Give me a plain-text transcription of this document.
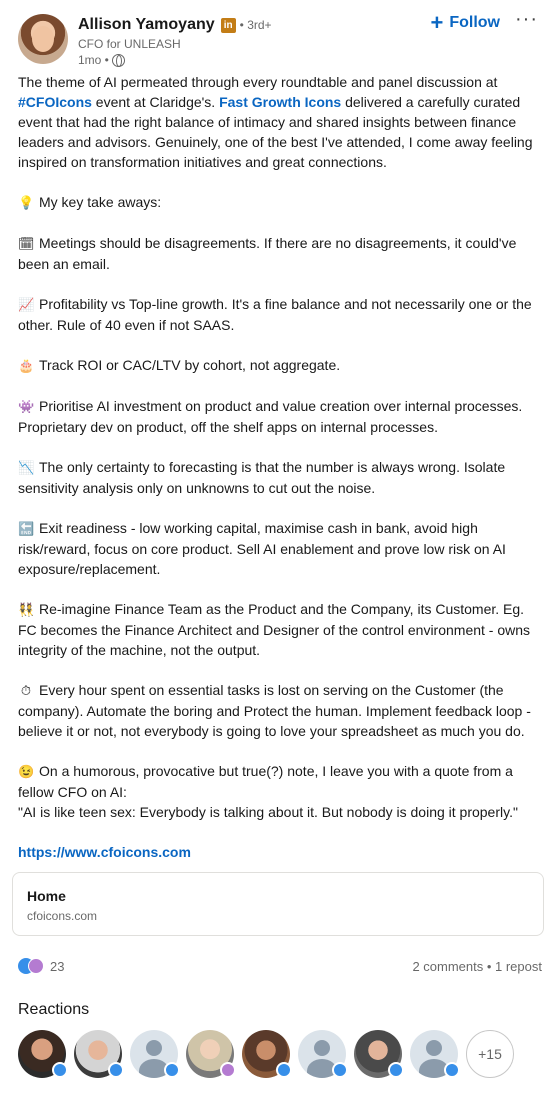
Allison Yamoyany in • 3rd+
CFO for UNLEASH
1mo •
+ Follow ···

The theme of AI permeated through every roundtable and panel discussion at #CFOIcons event at Claridge's. Fast Growth Icons delivered a carefully curated event that had the right balance of intimacy and shared insights between finance leaders and advisors. Genuinely, one of the best I've attended, I come away feeling inspired on transformation initiatives and great connections.

💡 My key take aways:

🗓 Meetings should be disagreements. If there are no disagreements, it could've been an email.

📈 Profitability vs Top-line growth. It's a fine balance and not necessarily one or the other. Rule of 40 even if not SAAS.

🎂 Track ROI or CAC/LTV by cohort, not aggregate.

👾 Prioritise AI investment on product and value creation over internal processes. Proprietary dev on product, off the shelf apps on internal processes.

📉 The only certainty to forecasting is that the number is always wrong. Isolate sensitivity analysis only on unknowns to cut out the noise.

🔚 Exit readiness - low working capital, maximise cash in bank, avoid high risk/reward, focus on core product. Sell AI enablement and prove low risk on AI exposure/replacement.

👯 Re-imagine Finance Team as the Product and the Company, its Customer. Eg. FC becomes the Finance Architect and Designer of the control environment - owns integrity of the machine, not the output.

⏱ Every hour spent on essential tasks is lost on serving on the Customer (the company). Automate the boring and Protect the human. Implement feedback loop - believe it or not, not everybody is going to love your spreadsheet as much you do.

😉 On a humorous, provocative but true(?) note, I leave you with a quote from a fellow CFO on AI:
"AI is like teen sex: Everybody is talking about it. But nobody is doing it properly."

https://www.cfoicons.com

Home
cfoicons.com
23	2 comments • 1 repost
Reactions
+15
